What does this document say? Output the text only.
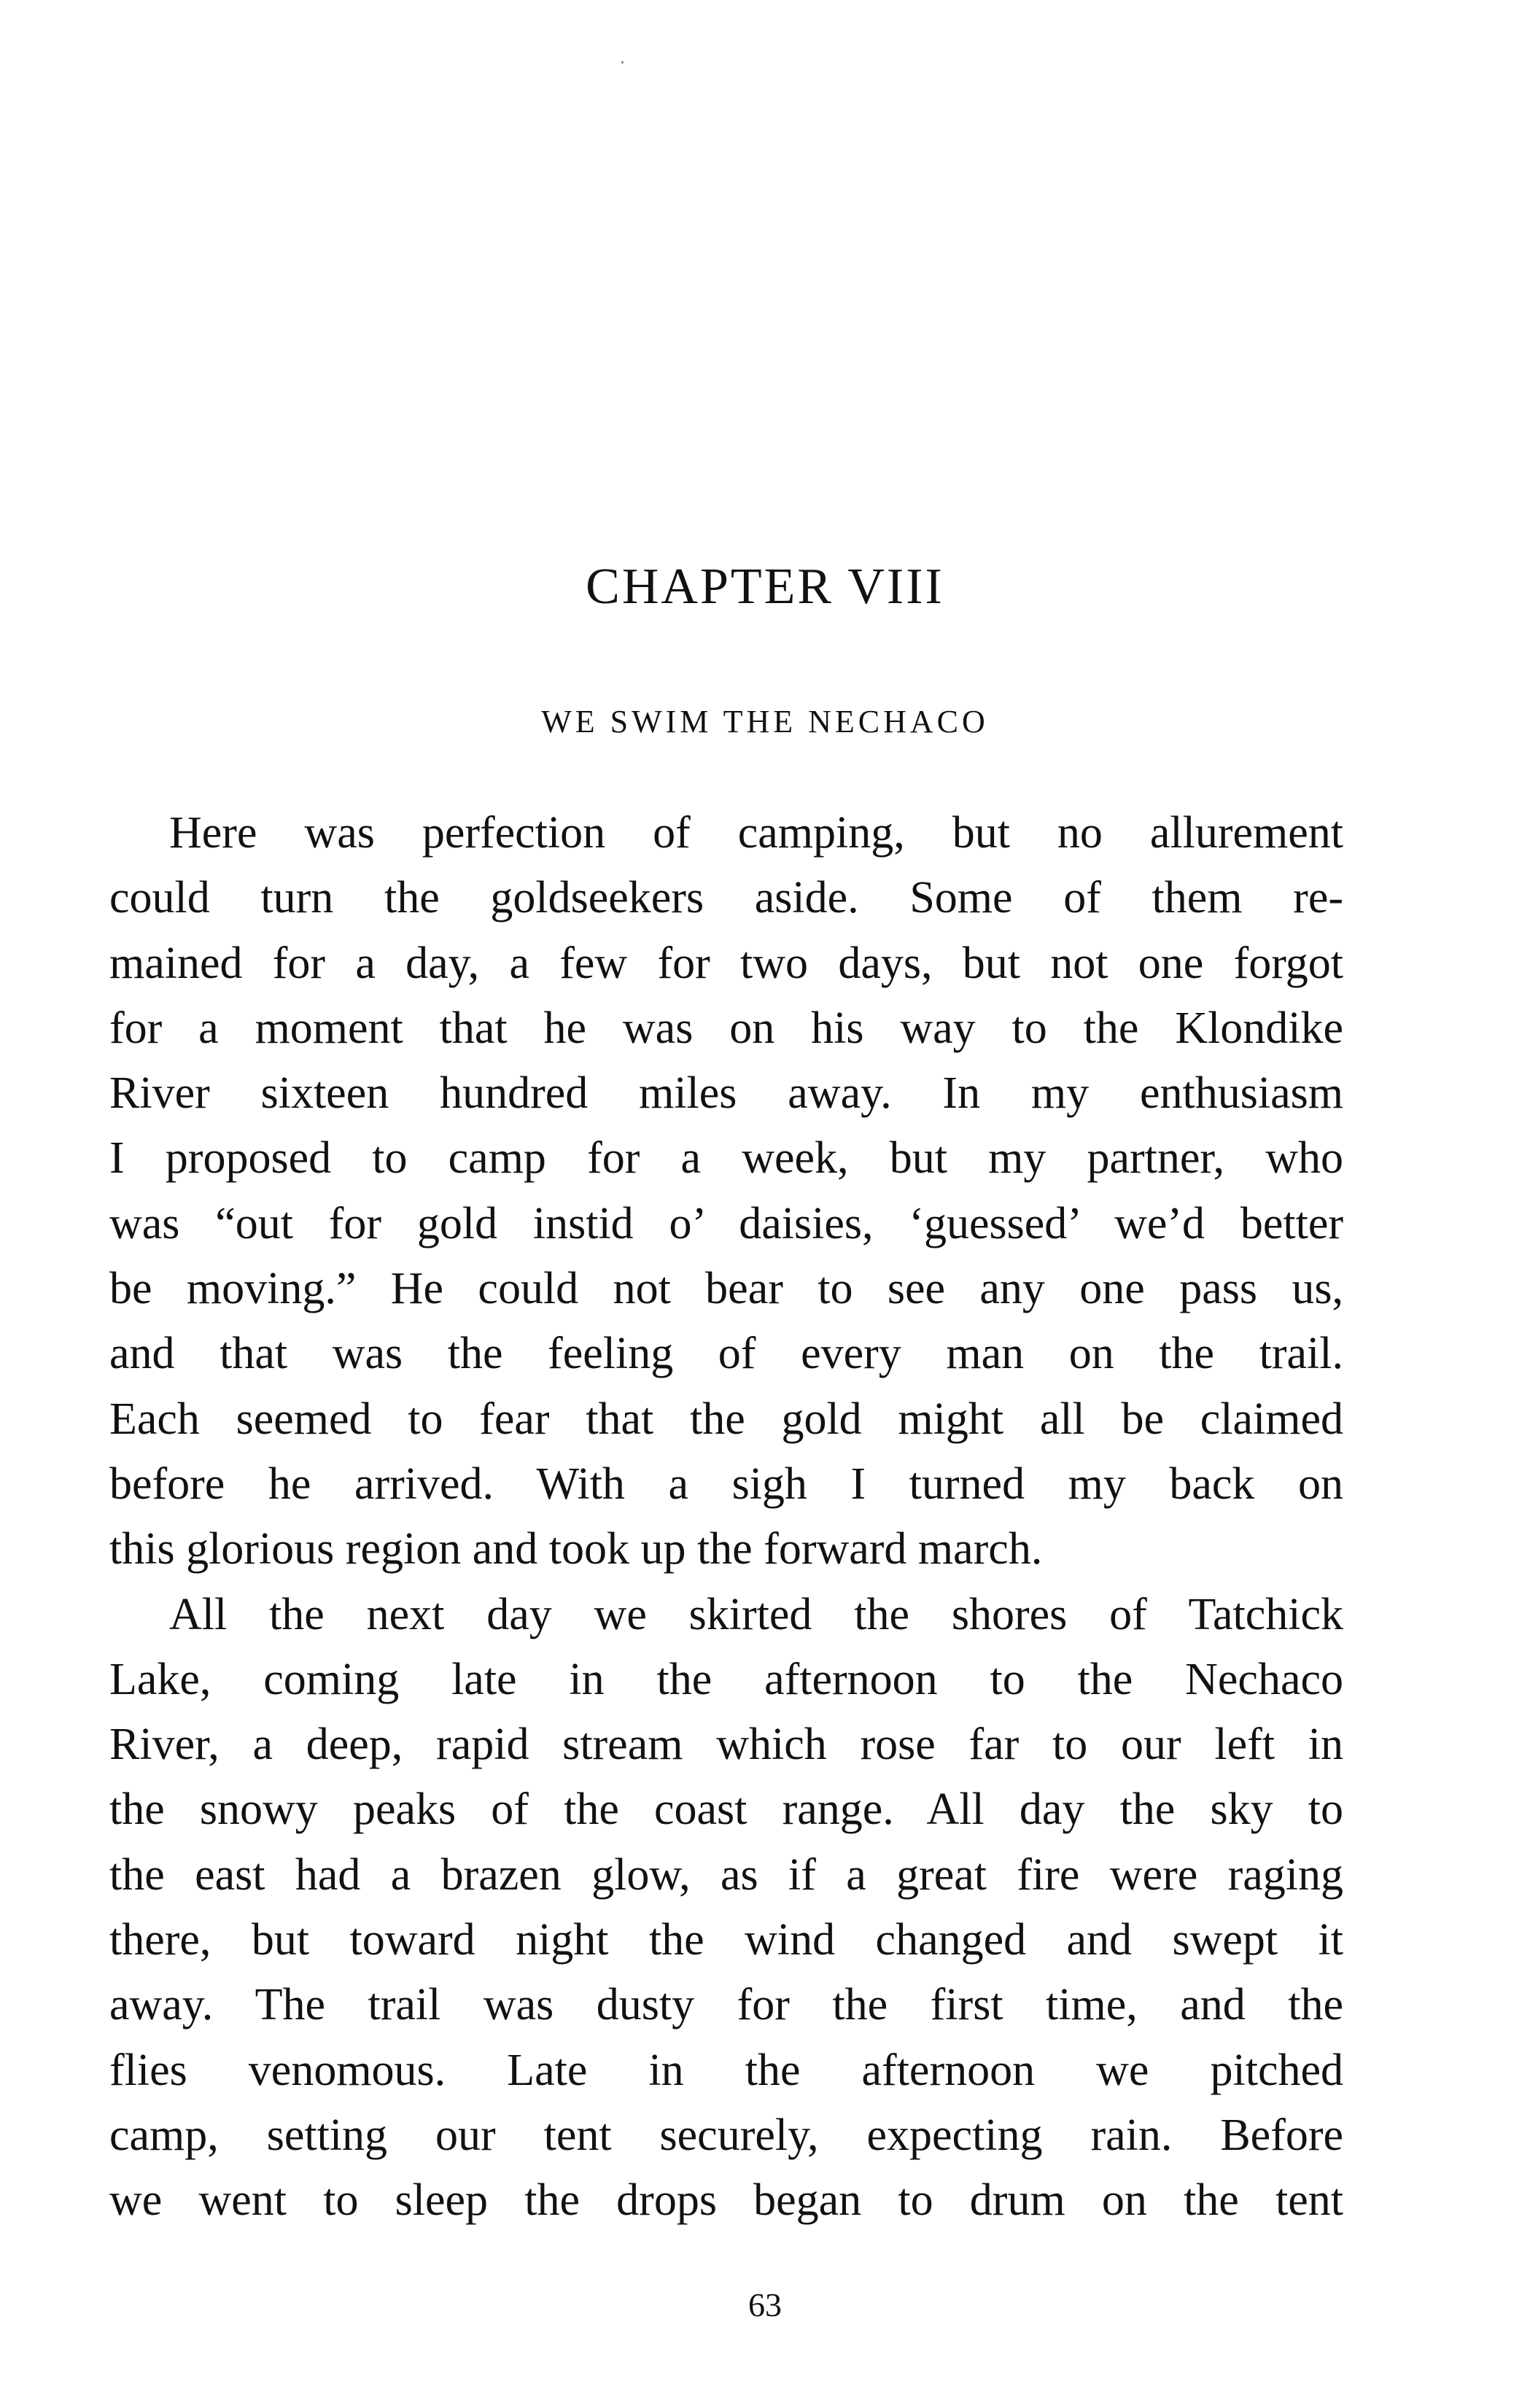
CHAPTER VIII
WE SWIM THE NECHACO
Here was perfection of camping, but no allurement
could turn the goldseekers aside. Some of them re-
mained for a day, a few for two days, but not one forgot
for a moment that he was on his way to the Klondike
River sixteen hundred miles away. In my enthusiasm
I proposed to camp for a week, but my partner, who
was “out for gold instid o’ daisies, ‘guessed’ we’d better
be moving.” He could not bear to see any one pass us,
and that was the feeling of every man on the trail.
Each seemed to fear that the gold might all be claimed
before he arrived. With a sigh I turned my back on
this glorious region and took up the forward march.
All the next day we skirted the shores of Tatchick
Lake, coming late in the afternoon to the Nechaco
River, a deep, rapid stream which rose far to our left in
the snowy peaks of the coast range. All day the sky to
the east had a brazen glow, as if a great fire were raging
there, but toward night the wind changed and swept it
away. The trail was dusty for the first time, and the
flies venomous. Late in the afternoon we pitched
camp, setting our tent securely, expecting rain. Before
we went to sleep the drops began to drum on the tent
63
